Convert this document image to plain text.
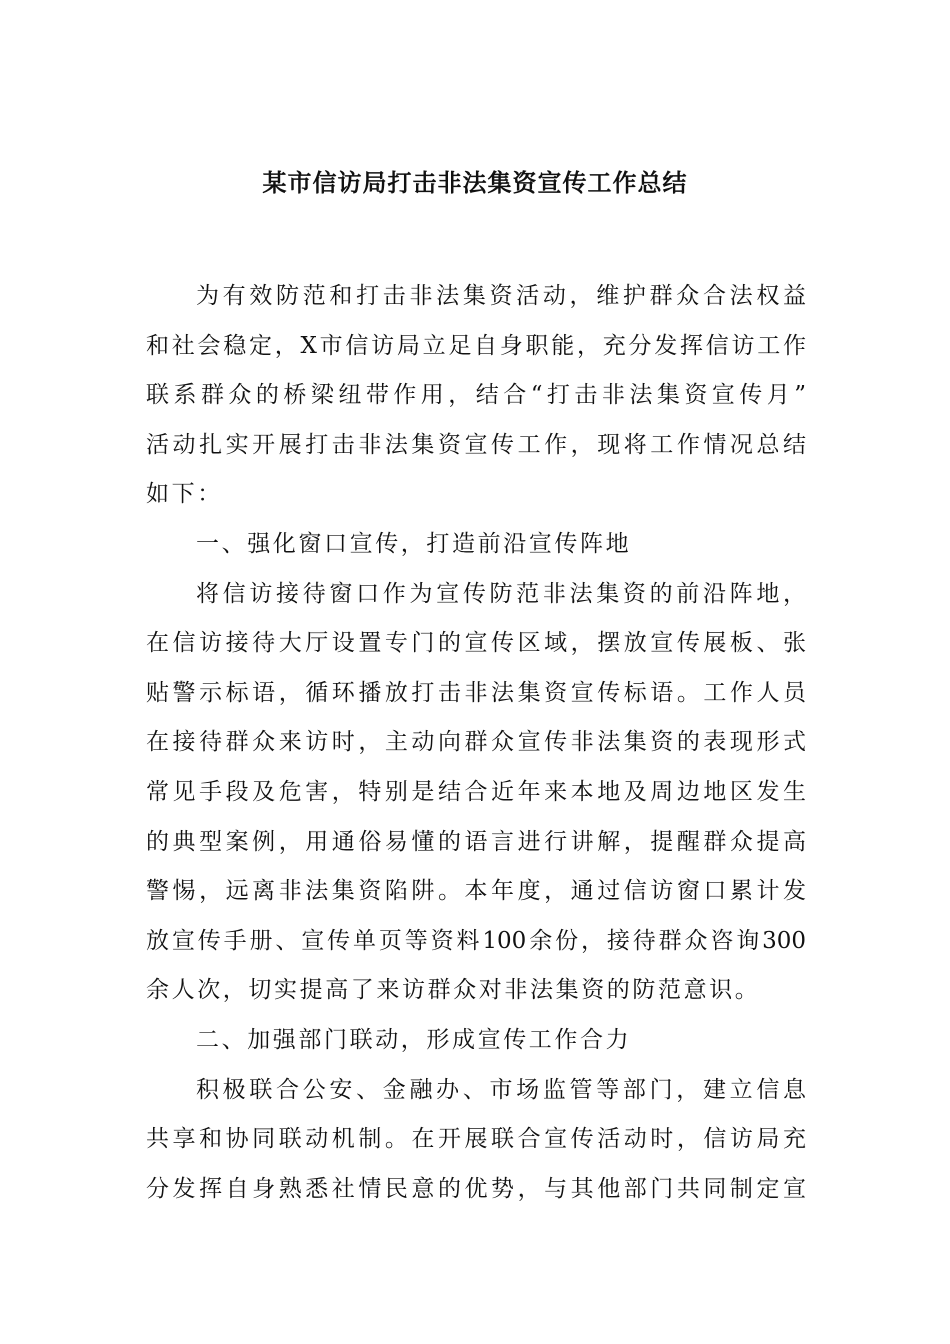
某市信访局打击非法集资宣传工作总结
为有效防范和打击非法集资活动，维护群众合法权益
和社会稳定，X市信访局立足自身职能，充分发挥信访工作
联系群众的桥梁纽带作用，结合“打击非法集资宣传月”
活动扎实开展打击非法集资宣传工作，现将工作情况总结
如下：
一、强化窗口宣传，打造前沿宣传阵地
将信访接待窗口作为宣传防范非法集资的前沿阵地，
在信访接待大厅设置专门的宣传区域，摆放宣传展板、张
贴警示标语，循环播放打击非法集资宣传标语。工作人员
在接待群众来访时，主动向群众宣传非法集资的表现形式
常见手段及危害，特别是结合近年来本地及周边地区发生
的典型案例，用通俗易懂的语言进行讲解，提醒群众提高
警惕，远离非法集资陷阱。本年度，通过信访窗口累计发
放宣传手册、宣传单页等资料100余份，接待群众咨询300
余人次，切实提高了来访群众对非法集资的防范意识。
二、加强部门联动，形成宣传工作合力
积极联合公安、金融办、市场监管等部门，建立信息
共享和协同联动机制。在开展联合宣传活动时，信访局充
分发挥自身熟悉社情民意的优势，与其他部门共同制定宣
